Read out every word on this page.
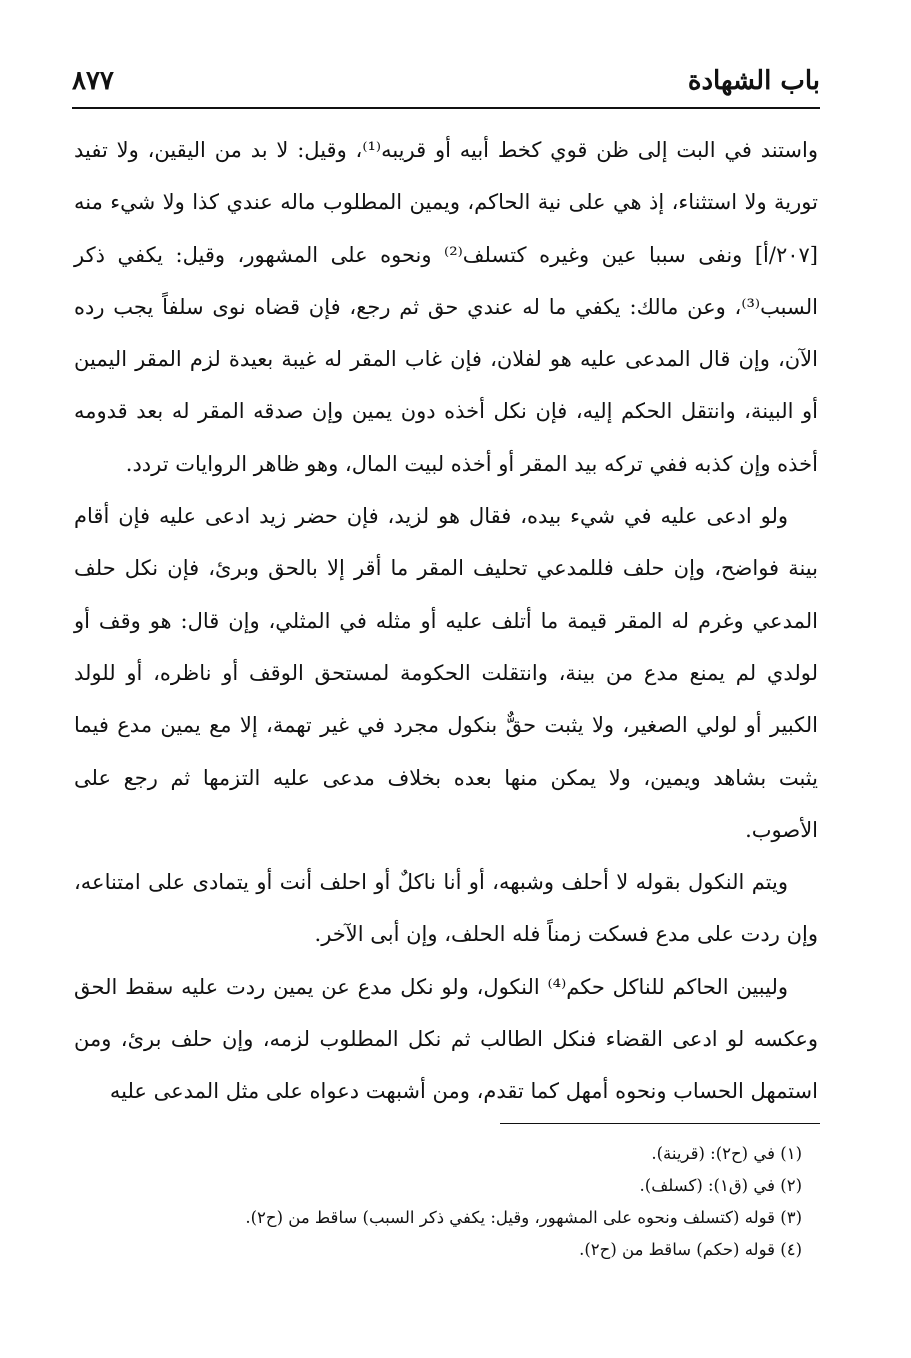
باب الشهادة
٨٧٧

واستند في البت إلى ظن قوي كخط أبيه أو قريبه⁽¹⁾، وقيل: لا بد من اليقين، ولا تفيد تورية ولا استثناء، إذ هي على نية الحاكم، ويمين المطلوب ماله عندي كذا ولا شيء منه [٢٠٧/أ] ونفى سببا عين وغيره كتسلف⁽²⁾ ونحوه على المشهور، وقيل: يكفي ذكر السبب⁽³⁾، وعن مالك: يكفي ما له عندي حق ثم رجع، فإن قضاه نوى سلفاً يجب رده الآن، وإن قال المدعى عليه هو لفلان، فإن غاب المقر له غيبة بعيدة لزم المقر اليمين أو البينة، وانتقل الحكم إليه، فإن نكل أخذه دون يمين وإن صدقه المقر له بعد قدومه أخذه وإن كذبه ففي تركه بيد المقر أو أخذه لبيت المال، وهو ظاهر الروايات تردد.

ولو ادعى عليه في شيء بيده، فقال هو لزيد، فإن حضر زيد ادعى عليه فإن أقام بينة فواضح، وإن حلف فللمدعي تحليف المقر ما أقر إلا بالحق وبرئ، فإن نكل حلف المدعي وغرم له المقر قيمة ما أتلف عليه أو مثله في المثلي، وإن قال: هو وقف أو لولدي لم يمنع مدع من بينة، وانتقلت الحكومة لمستحق الوقف أو ناظره، أو للولد الكبير أو لولي الصغير، ولا يثبت حقٌّ بنكول مجرد في غير تهمة، إلا مع يمين مدع فيما يثبت بشاهد ويمين، ولا يمكن منها بعده بخلاف مدعى عليه التزمها ثم رجع على الأصوب.

ويتم النكول بقوله لا أحلف وشبهه، أو أنا ناكلٌ أو احلف أنت أو يتمادى على امتناعه، وإن ردت على مدع فسكت زمناً فله الحلف، وإن أبى الآخر.

وليبين الحاكم للناكل حكم⁽⁴⁾ النكول، ولو نكل مدع عن يمين ردت عليه سقط الحق وعكسه لو ادعى القضاء فنكل الطالب ثم نكل المطلوب لزمه، وإن حلف برئ، ومن استمهل الحساب ونحوه أمهل كما تقدم، ومن أشبهت دعواه على مثل المدعى عليه

(١) في (ح٢): (قرينة).

(٢) في (ق١): (كسلف).

(٣) قوله (كتسلف ونحوه على المشهور، وقيل: يكفي ذكر السبب) ساقط من (ح٢).

(٤) قوله (حكم) ساقط من (ح٢).
